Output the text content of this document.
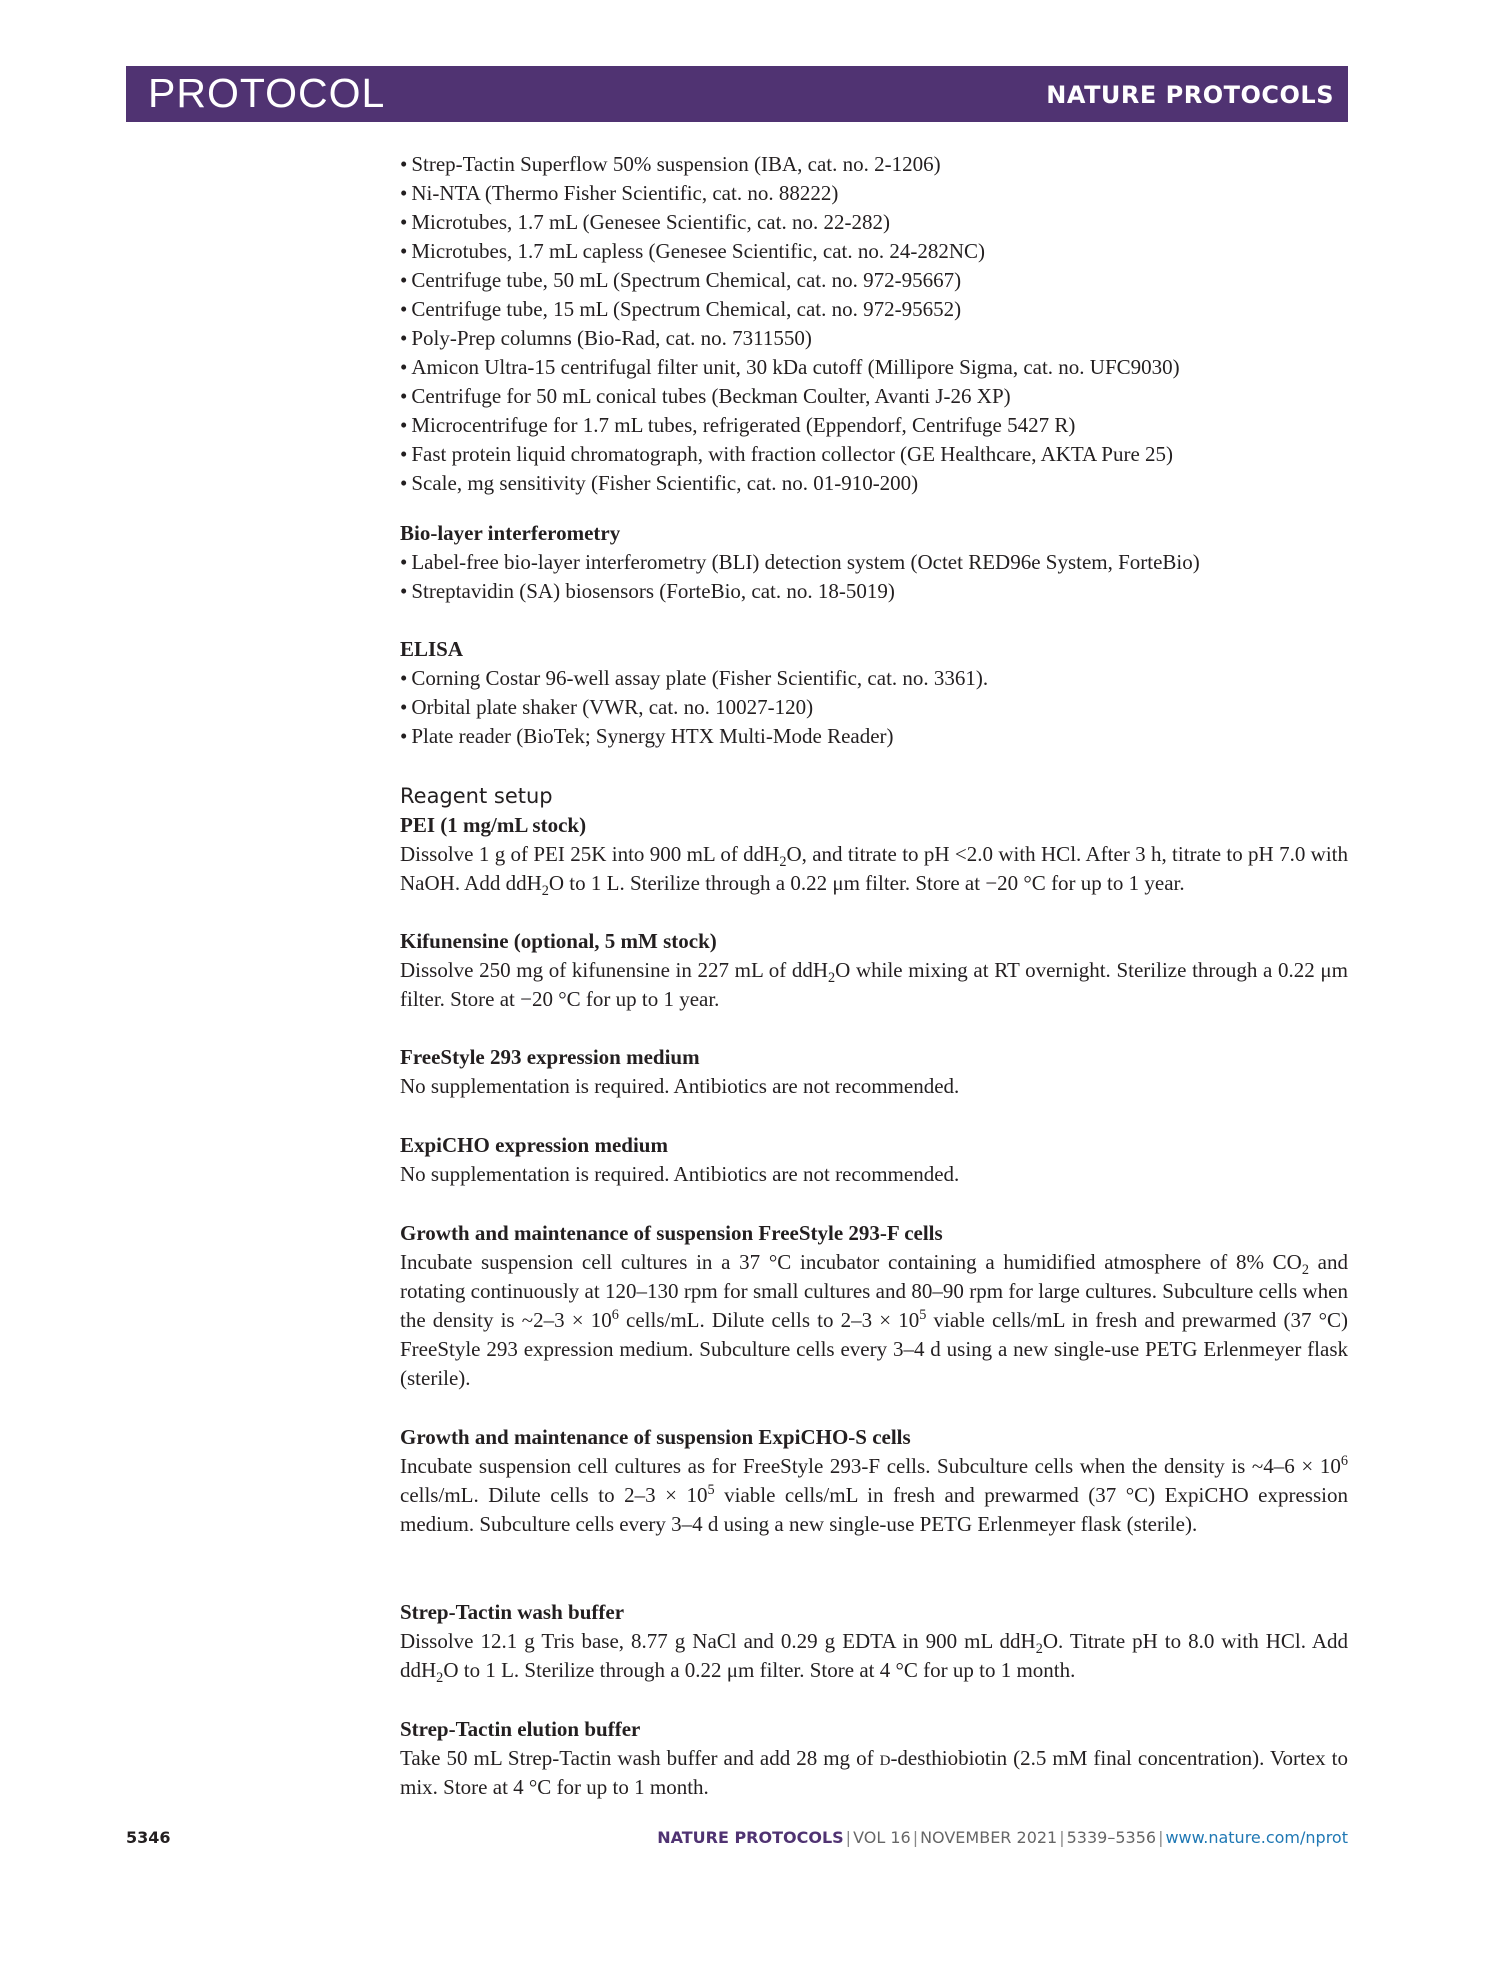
PROTOCOL	NATURE PROTOCOLS
• Strep-Tactin Superflow 50% suspension (IBA, cat. no. 2-1206)
• Ni-NTA (Thermo Fisher Scientific, cat. no. 88222)
• Microtubes, 1.7 mL (Genesee Scientific, cat. no. 22-282)
• Microtubes, 1.7 mL capless (Genesee Scientific, cat. no. 24-282NC)
• Centrifuge tube, 50 mL (Spectrum Chemical, cat. no. 972-95667)
• Centrifuge tube, 15 mL (Spectrum Chemical, cat. no. 972-95652)
• Poly-Prep columns (Bio-Rad, cat. no. 7311550)
• Amicon Ultra-15 centrifugal filter unit, 30 kDa cutoff (Millipore Sigma, cat. no. UFC9030)
• Centrifuge for 50 mL conical tubes (Beckman Coulter, Avanti J-26 XP)
• Microcentrifuge for 1.7 mL tubes, refrigerated (Eppendorf, Centrifuge 5427 R)
• Fast protein liquid chromatograph, with fraction collector (GE Healthcare, AKTA Pure 25)
• Scale, mg sensitivity (Fisher Scientific, cat. no. 01-910-200)
Bio-layer interferometry
• Label-free bio-layer interferometry (BLI) detection system (Octet RED96e System, ForteBio)
• Streptavidin (SA) biosensors (ForteBio, cat. no. 18-5019)
ELISA
• Corning Costar 96-well assay plate (Fisher Scientific, cat. no. 3361).
• Orbital plate shaker (VWR, cat. no. 10027-120)
• Plate reader (BioTek; Synergy HTX Multi-Mode Reader)
Reagent setup
PEI (1 mg/mL stock)
Dissolve 1 g of PEI 25K into 900 mL of ddH$_2$O, and titrate to pH <2.0 with HCl. After 3 h, titrate to pH 7.0 with NaOH. Add ddH$_2$O to 1 L. Sterilize through a 0.22 μm filter. Store at −20 °C for up to 1 year.
Kifunensine (optional, 5 mM stock)
Dissolve 250 mg of kifunensine in 227 mL of ddH$_2$O while mixing at RT overnight. Sterilize through a 0.22 μm filter. Store at −20 °C for up to 1 year.
FreeStyle 293 expression medium
No supplementation is required. Antibiotics are not recommended.
ExpiCHO expression medium
No supplementation is required. Antibiotics are not recommended.
Growth and maintenance of suspension FreeStyle 293-F cells
Incubate suspension cell cultures in a 37 °C incubator containing a humidified atmosphere of 8% $CO_2$ and rotating continuously at 120–130 rpm for small cultures and 80–90 rpm for large cultures. Subculture cells when the density is ~2–3 × $10^6$ cells/mL. Dilute cells to $2-3 \times 10^5$ viable cells/mL in fresh and prewarmed (37 °C) FreeStyle 293 expression medium. Subculture cells every 3–4 d using a new single-use PETG Erlenmeyer flask (sterile).
Growth and maintenance of suspension ExpiCHO-S cells
Incubate suspension cell cultures as for FreeStyle 293-F cells. Subculture cells when the density is ~4–6 × $10^6$ cells/mL. Dilute cells to $2-3 \times 10^5$ viable cells/mL in fresh and prewarmed (37 °C) ExpiCHO expression medium. Subculture cells every 3–4 d using a new single-use PETG Erlenmeyer flask (sterile).
Strep-Tactin wash buffer
Dissolve 12.1 g Tris base, 8.77 g NaCl and 0.29 g EDTA in 900 mL ddH$_2$O. Titrate pH to 8.0 with HCl. Add ddH$_2$O to 1 L. Sterilize through a 0.22 μm filter. Store at 4 °C for up to 1 month.
Strep-Tactin elution buffer
Take 50 mL Strep-Tactin wash buffer and add 28 mg of d-desthiobiotin (2.5 mM final concentration). Vortex to mix. Store at 4 °C for up to 1 month.
5346	NATURE PROTOCOLS | VOL 16 | NOVEMBER 2021 | 5339–5356 | www.nature.com/nprot
